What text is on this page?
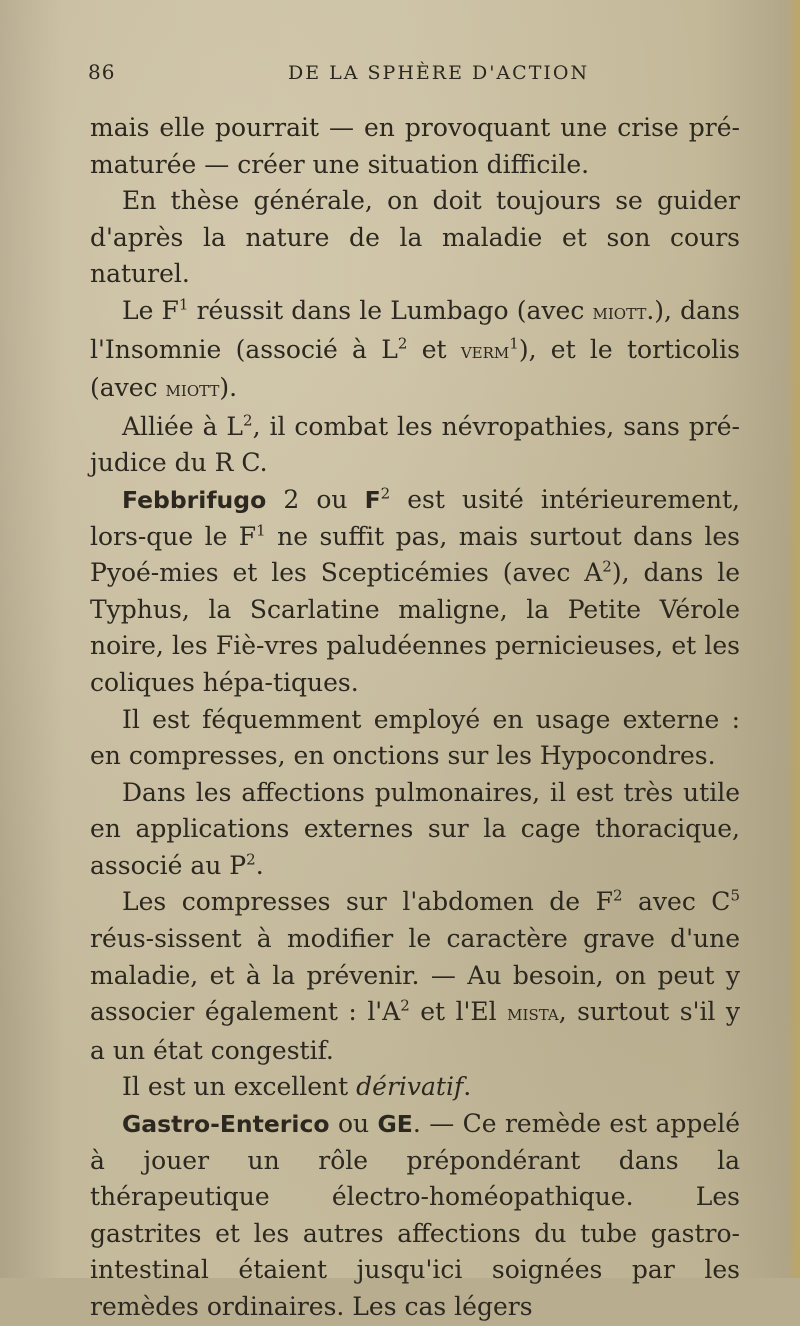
86	DE LA SPHÈRE D'ACTION

mais elle pourrait — en provoquant une crise pré-maturée — créer une situation difficile.

En thèse générale, on doit toujours se guider d'après la nature de la maladie et son cours naturel.

Le $F^1$ réussit dans le Lumbago (avec miott.), dans l'Insomnie (associé à $L^2$ et verm$^1$), et le torticolis (avec miott).

Alliée à $L^2$, il combat les névropathies, sans pré-judice du R C.

Febbrifugo 2 ou $F^2$ est usité intérieurement, lors-que le $F^1$ ne suffit pas, mais surtout dans les Pyoé-mies et les Scepticémies (avec $A^2$), dans le Typhus, la Scarlatine maligne, la Petite Vérole noire, les Fiè-vres paludéennes pernicieuses, et les coliques hépa-tiques.

Il est féquemment employé en usage externe : en compresses, en onctions sur les Hypocondres.

Dans les affections pulmonaires, il est très utile en applications externes sur la cage thoracique, associé au $P^2$.

Les compresses sur l'abdomen de $F^2$ avec $C^5$ réus-sissent à modifier le caractère grave d'une maladie, et à la prévenir. — Au besoin, on peut y associer également : $l'A^2$ et l'El mista, surtout s'il y a un état congestif.

Il est un excellent dérivatif.

Gastro-Enterico ou GE. — Ce remède est appelé à jouer un rôle prépondérant dans la thérapeutique électro-homéopathique. Les gastrites et les autres affections du tube gastro-intestinal étaient jusqu'ici soignées par les remèdes ordinaires. Les cas légers
